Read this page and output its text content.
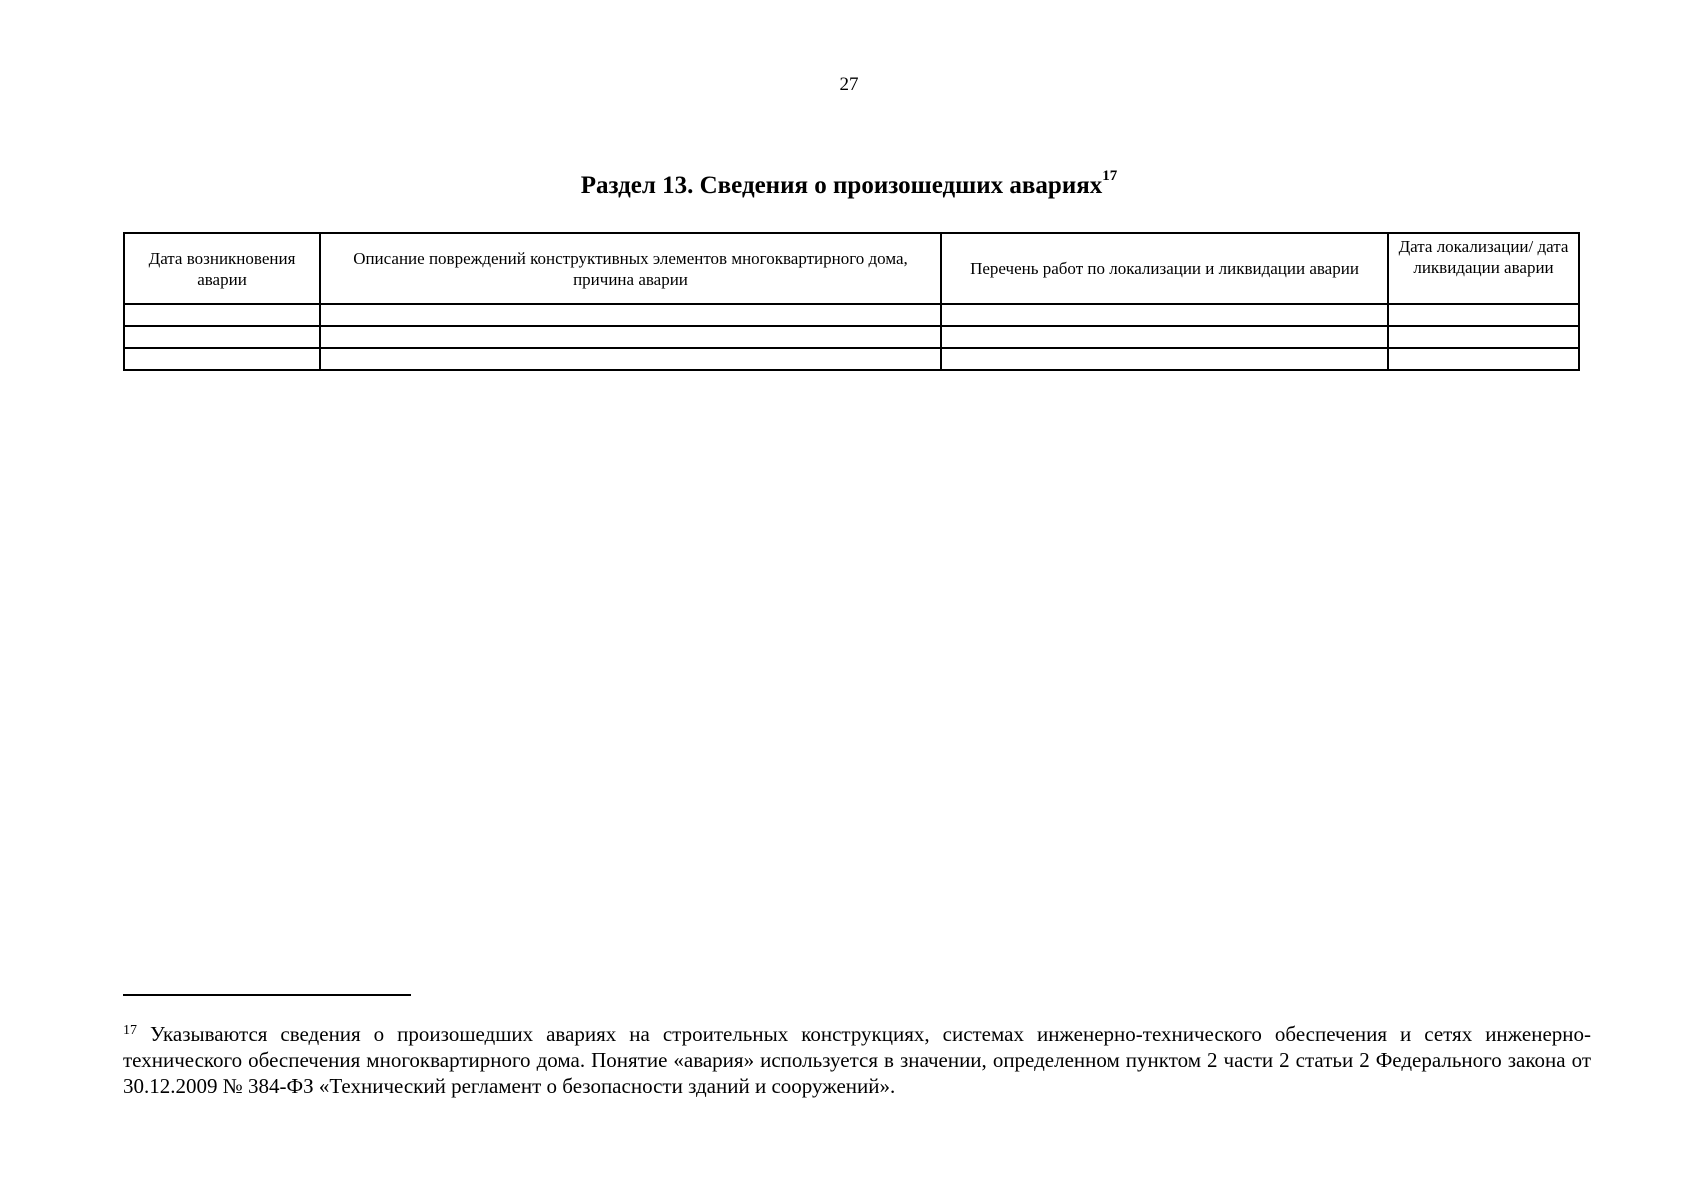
27
Раздел 13. Сведения о произошедших авариях$^{17}$
Дата возникновения аварии	Описание повреждений конструктивных элементов многоквартирного дома, причина аварии	Перечень работ по локализации и ликвидации аварии	Дата локализации/ дата ликвидации аварии

$^{17}$ Указываются сведения о произошедших авариях на строительных конструкциях, системах инженерно-технического обеспечения и сетях инженерно-технического обеспечения многоквартирного дома. Понятие «авария» используется в значении, определенном пунктом 2 части 2 статьи 2 Федерального закона от 30.12.2009 № 384-ФЗ «Технический регламент о безопасности зданий и сооружений».
